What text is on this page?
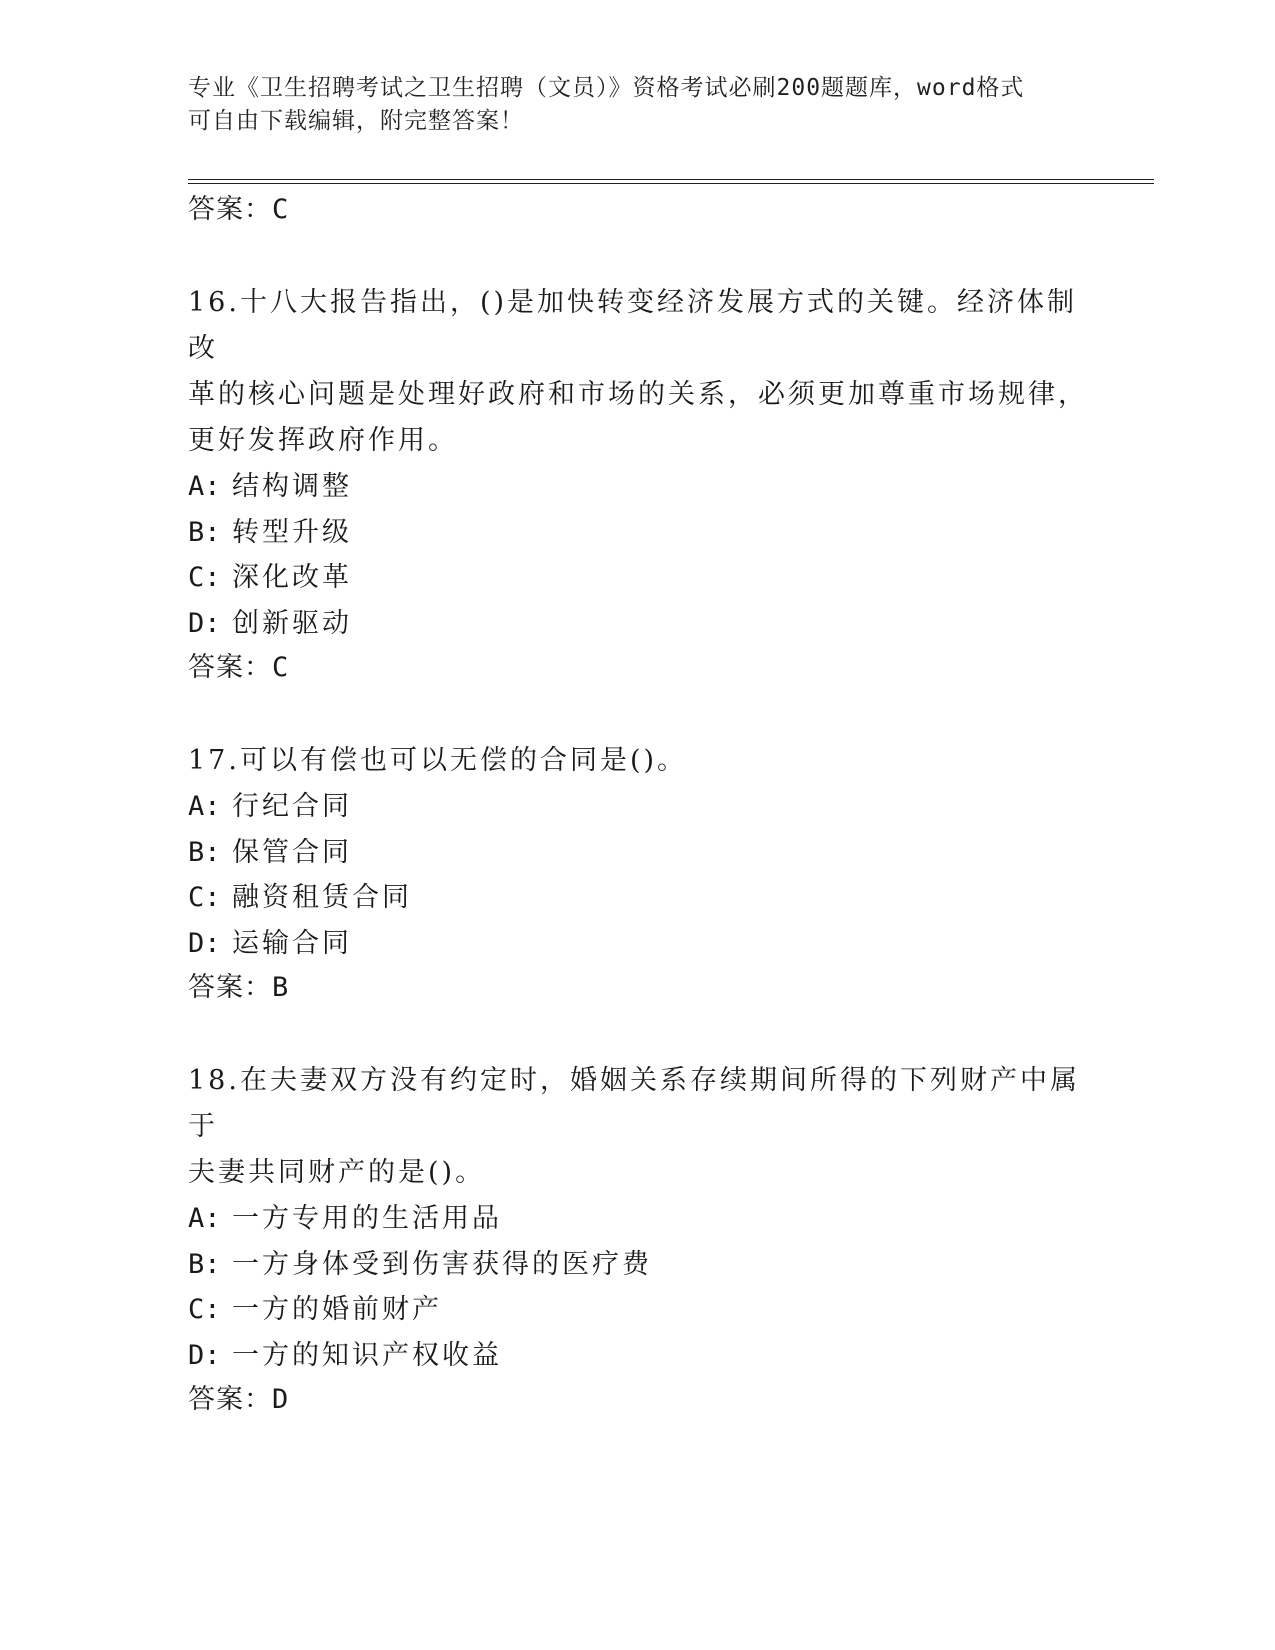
专业《卫生招聘考试之卫生招聘（文员）》资格考试必刷200题题库，word格式
可自由下载编辑，附完整答案！
答案：C
16.十八大报告指出，()是加快转变经济发展方式的关键。经济体制改
革的核心问题是处理好政府和市场的关系，必须更加尊重市场规律，
更好发挥政府作用。
A: 结构调整
B: 转型升级
C: 深化改革
D: 创新驱动
答案：C
17.可以有偿也可以无偿的合同是()。
A: 行纪合同
B: 保管合同
C: 融资租赁合同
D: 运输合同
答案：B
18.在夫妻双方没有约定时，婚姻关系存续期间所得的下列财产中属于
夫妻共同财产的是()。
A: 一方专用的生活用品
B: 一方身体受到伤害获得的医疗费
C: 一方的婚前财产
D: 一方的知识产权收益
答案：D
